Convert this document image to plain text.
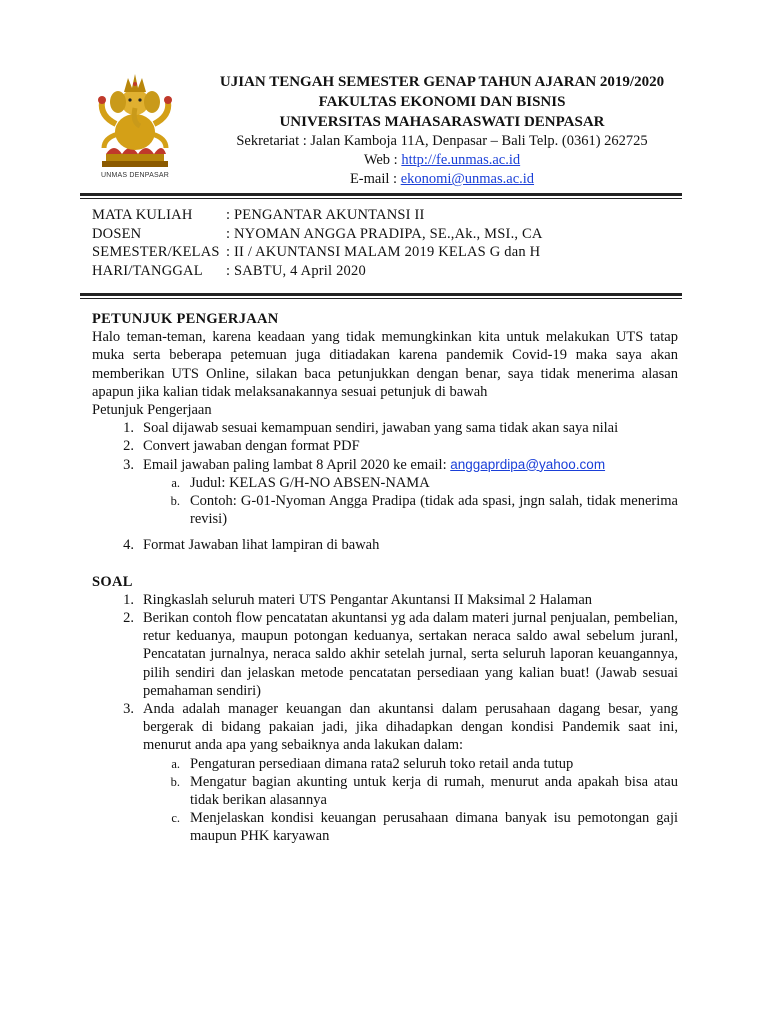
UNMAS DENPASAR
UJIAN TENGAH SEMESTER GENAP TAHUN AJARAN 2019/2020
FAKULTAS EKONOMI DAN BISNIS
UNIVERSITAS MAHASARASWATI DENPASAR
Sekretariat : Jalan Kamboja 11A, Denpasar – Bali Telp. (0361) 262725
Web : http://fe.unmas.ac.id
E-mail : ekonomi@unmas.ac.id
MATA KULIAH	: PENGANTAR AKUNTANSI II
DOSEN	: NYOMAN ANGGA PRADIPA, SE.,Ak., MSI., CA
SEMESTER/KELAS : II / AKUNTANSI MALAM 2019 KELAS G dan H
HARI/TANGGAL	: SABTU, 4 April 2020
PETUNJUK PENGERJAAN
Halo teman-teman, karena keadaan yang tidak memungkinkan kita untuk melakukan UTS tatap muka serta beberapa petemuan juga ditiadakan karena pandemik Covid-19 maka saya akan memberikan UTS Online, silakan baca petunjukkan dengan benar, saya tidak menerima alasan apapun jika kalian tidak melaksanakannya sesuai petunjuk di bawah
Petunjuk Pengerjaan
1. Soal dijawab sesuai kemampuan sendiri, jawaban yang sama tidak akan saya nilai
2. Convert jawaban dengan format PDF
3. Email jawaban paling lambat 8 April 2020 ke email: anggaprdipa@yahoo.com
a. Judul: KELAS G/H-NO ABSEN-NAMA
b. Contoh: G-01-Nyoman Angga Pradipa (tidak ada spasi, jngn salah, tidak menerima revisi)
4. Format Jawaban lihat lampiran di bawah
SOAL
1. Ringkaslah seluruh materi UTS Pengantar Akuntansi II Maksimal 2 Halaman
2. Berikan contoh flow pencatatan akuntansi yg ada dalam materi jurnal penjualan, pembelian, retur keduanya, maupun potongan keduanya, sertakan neraca saldo awal sebelum juranl, Pencatatan jurnalnya, neraca saldo akhir setelah jurnal, serta seluruh laporan keuangannya, pilih sendiri dan jelaskan metode pencatatan persediaan yang kalian buat! (Jawab sesuai pemahaman sendiri)
3. Anda adalah manager keuangan dan akuntansi dalam perusahaan dagang besar, yang bergerak di bidang pakaian jadi, jika dihadapkan dengan kondisi Pandemik saat ini, menurut anda apa yang sebaiknya anda lakukan dalam:
a. Pengaturan persediaan dimana rata2 seluruh toko retail anda tutup
b. Mengatur bagian akunting untuk kerja di rumah, menurut anda apakah bisa atau tidak berikan alasannya
c. Menjelaskan kondisi keuangan perusahaan dimana banyak isu pemotongan gaji maupun PHK karyawan
